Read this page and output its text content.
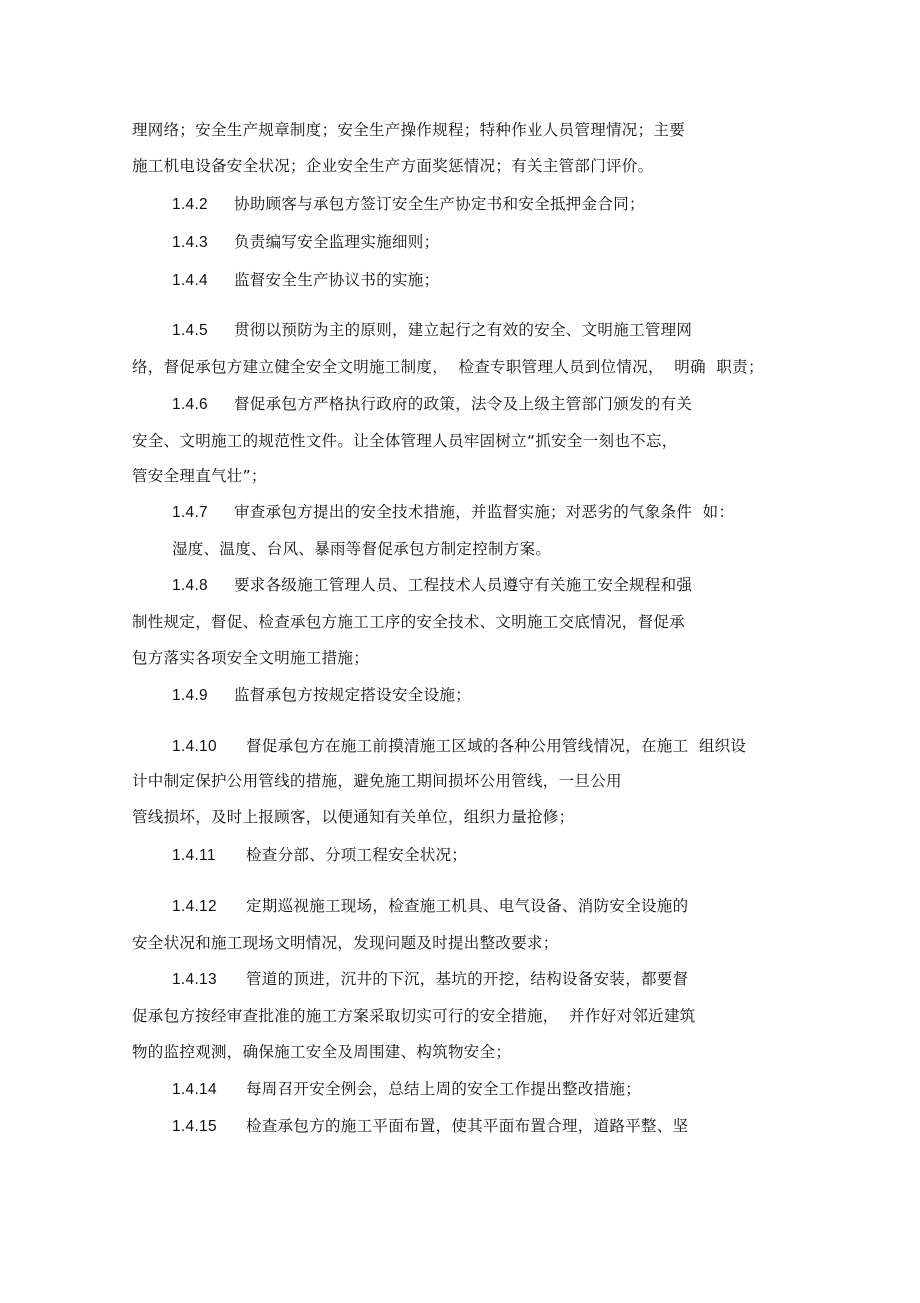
理网络；安全生产规章制度；安全生产操作规程；特种作业人员管理情况；主要
施工机电设备安全状况；企业安全生产方面奖惩情况；有关主管部门评价。
1.4.2 协助顾客与承包方签订安全生产协定书和安全抵押金合同；
1.4.3 负责编写安全监理实施细则；
1.4.4 监督安全生产协议书的实施；
1.4.5 贯彻以预防为主的原则，建立起行之有效的安全、文明施工管理网
络，督促承包方建立健全安全文明施工制度，  检查专职管理人员到位情况，  明确  职责；
1.4.6 督促承包方严格执行政府的政策，法令及上级主管部门颁发的有关
安全、文明施工的规范性文件。让全体管理人员牢固树立“抓安全一刻也不忘，
管安全理直气壮”；
1.4.7 审查承包方提出的安全技术措施，并监督实施；对恶劣的气象条件  如：
湿度、温度、台风、暴雨等督促承包方制定控制方案。
1.4.8 要求各级施工管理人员、工程技术人员遵守有关施工安全规程和强
制性规定，督促、检查承包方施工工序的安全技术、文明施工交底情况，督促承
包方落实各项安全文明施工措施；
1.4.9 监督承包方按规定搭设安全设施；
1.4.10 督促承包方在施工前摸清施工区域的各种公用管线情况，在施工  组织设
计中制定保护公用管线的措施，避免施工期间损坏公用管线，一旦公用
管线损坏，及时上报顾客，以便通知有关单位，组织力量抢修；
1.4.11 检查分部、分项工程安全状况；
1.4.12 定期巡视施工现场，检查施工机具、电气设备、消防安全设施的
安全状况和施工现场文明情况，发现问题及时提出整改要求；
1.4.13 管道的顶进，沉井的下沉，基坑的开挖，结构设备安装，都要督
促承包方按经审查批准的施工方案采取切实可行的安全措施，  并作好对邻近建筑
物的监控观测，确保施工安全及周围建、构筑物安全；
1.4.14 每周召开安全例会，总结上周的安全工作提出整改措施；
1.4.15 检查承包方的施工平面布置，使其平面布置合理，道路平整、坚
